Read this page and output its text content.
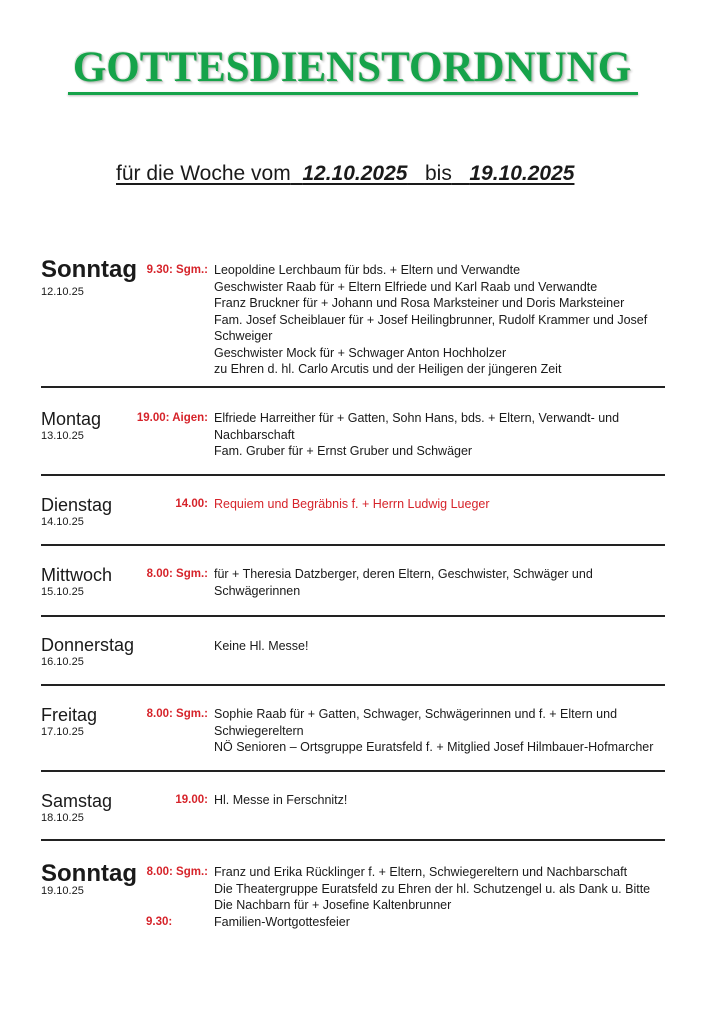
GOTTESDIENSTORDNUNG
für die Woche vom 12.10.2025 bis 19.10.2025
Sonntag
12.10.25
9.30: Sgm.: Leopoldine Lerchbaum für bds. + Eltern und Verwandte
Geschwister Raab für + Eltern Elfriede und Karl Raab und Verwandte
Franz Bruckner für + Johann und Rosa Marksteiner und Doris Marksteiner
Fam. Josef Scheiblauer für + Josef Heilingbrunner, Rudolf Krammer und Josef Schweiger
Geschwister Mock für + Schwager Anton Hochholzer
zu Ehren d. hl. Carlo Arcutis und der Heiligen der jüngeren Zeit
Montag
13.10.25
19.00: Aigen: Elfriede Harreither für + Gatten, Sohn Hans, bds. + Eltern, Verwandt- und Nachbarschaft
Fam. Gruber für + Ernst Gruber und Schwäger
Dienstag
14.10.25
14.00: Requiem und Begräbnis f. + Herrn Ludwig Lueger
Mittwoch
15.10.25
8.00: Sgm.: für + Theresia Datzberger, deren Eltern, Geschwister, Schwäger und Schwägerinnen
Donnerstag
16.10.25
Keine Hl. Messe!
Freitag
17.10.25
8.00: Sgm.: Sophie Raab für + Gatten, Schwager, Schwägerinnen und f. + Eltern und Schwiegereltern
NÖ Senioren – Ortsgruppe Euratsfeld f. + Mitglied Josef Hilmbauer-Hofmarcher
Samstag
18.10.25
19.00: Hl. Messe in Ferschnitz!
Sonntag
19.10.25
8.00: Sgm.: Franz und Erika Rücklinger f. + Eltern, Schwiegereltern und Nachbarschaft
Die Theatergruppe Euratsfeld zu Ehren der hl. Schutzengel u. als Dank u. Bitte
Die Nachbarn für + Josefine Kaltenbrunner
9.30:	Familien-Wortgottesfeier
